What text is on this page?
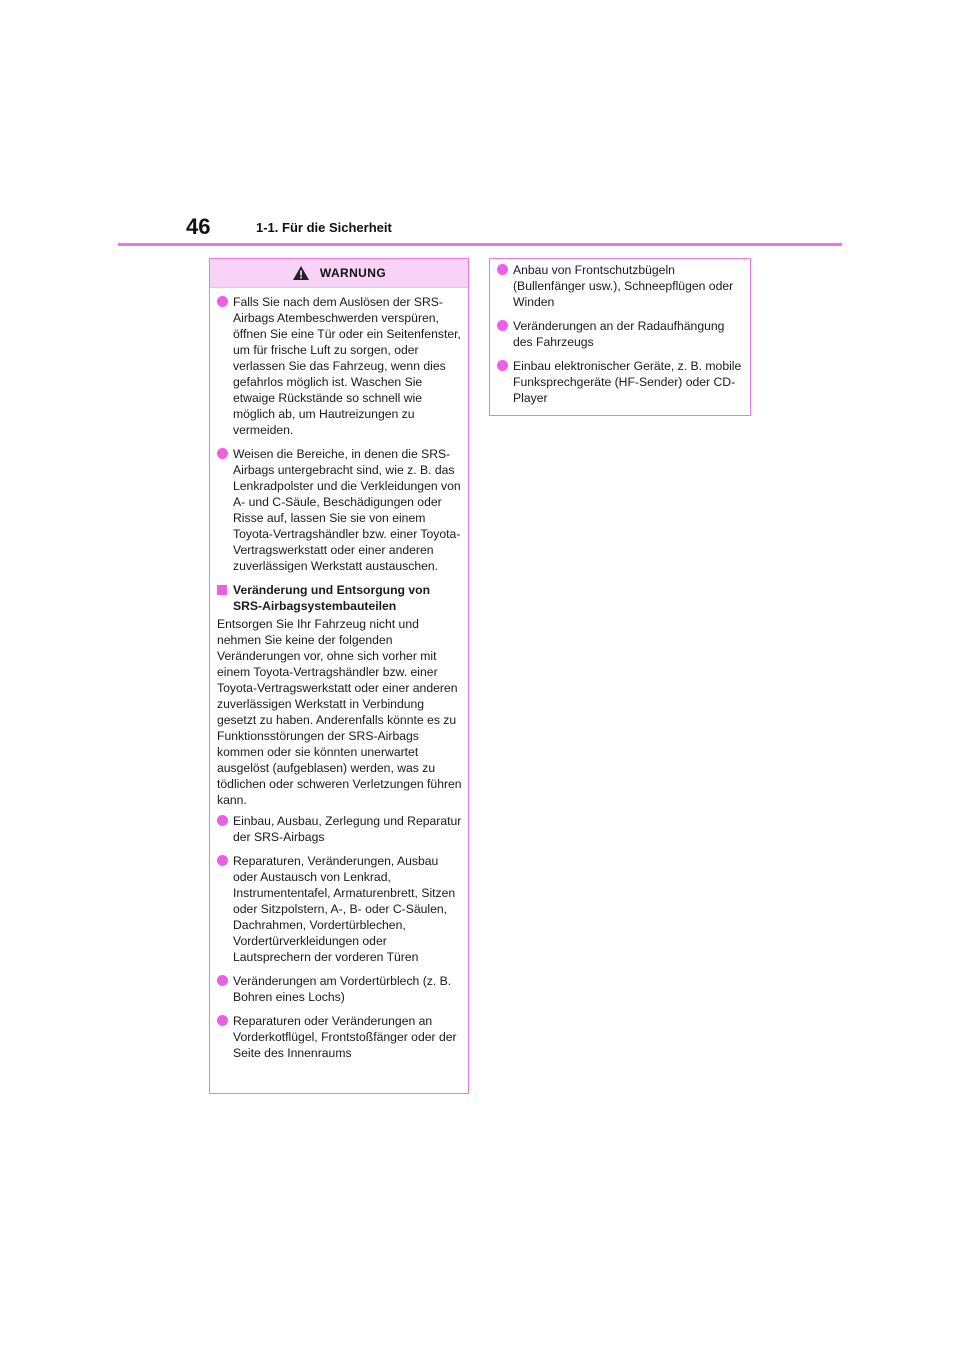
46	1-1. Für die Sicherheit
WARNUNG
Falls Sie nach dem Auslösen der SRS-Airbags Atembeschwerden verspüren, öffnen Sie eine Tür oder ein Seitenfenster, um für frische Luft zu sorgen, oder verlassen Sie das Fahrzeug, wenn dies gefahrlos möglich ist. Waschen Sie etwaige Rückstände so schnell wie möglich ab, um Hautreizungen zu vermeiden.
Weisen die Bereiche, in denen die SRS-Airbags untergebracht sind, wie z. B. das Lenkradpolster und die Verkleidungen von A- und C-Säule, Beschädigungen oder Risse auf, lassen Sie sie von einem Toyota-Vertragshändler bzw. einer Toyota-Vertragswerkstatt oder einer anderen zuverlässigen Werkstatt austauschen.
Veränderung und Entsorgung von SRS-Airbagsystembauteilen
Entsorgen Sie Ihr Fahrzeug nicht und nehmen Sie keine der folgenden Veränderungen vor, ohne sich vorher mit einem Toyota-Vertragshändler bzw. einer Toyota-Vertragswerkstatt oder einer anderen zuverlässigen Werkstatt in Verbindung gesetzt zu haben. Anderenfalls könnte es zu Funktionsstörungen der SRS-Airbags kommen oder sie könnten unerwartet ausgelöst (aufgeblasen) werden, was zu tödlichen oder schweren Verletzungen führen kann.
Einbau, Ausbau, Zerlegung und Reparatur der SRS-Airbags
Reparaturen, Veränderungen, Ausbau oder Austausch von Lenkrad, Instrumententafel, Armaturenbrett, Sitzen oder Sitzpolstern, A-, B- oder C-Säulen, Dachrahmen, Vordertürblechen, Vordertürverkleidungen oder Lautsprechern der vorderen Türen
Veränderungen am Vordertürblech (z. B. Bohren eines Lochs)
Reparaturen oder Veränderungen an Vorderkotflügel, Frontstoßfänger oder der Seite des Innenraums
Anbau von Frontschutzbügeln (Bullenfänger usw.), Schneepflügen oder Winden
Veränderungen an der Radaufhängung des Fahrzeugs
Einbau elektronischer Geräte, z. B. mobile Funksprechgeräte (HF-Sender) oder CD-Player
